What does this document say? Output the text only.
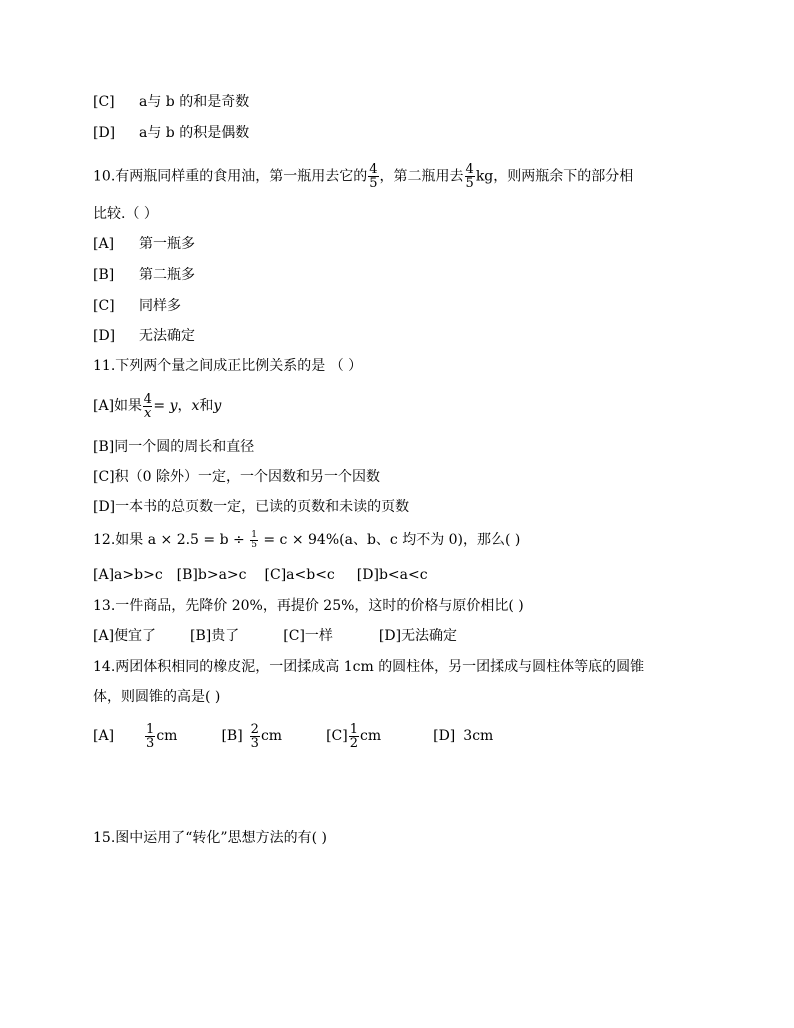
[C] a与 b 的和是奇数
[D] a与 b 的积是偶数
10.有两瓶同样重的食用油，第一瓶用去它的 $\frac{4}{5}$ ，第二瓶用去 $\frac{4}{5}$ kg，则两瓶余下的部分相
比较.（ ）
[A] 第一瓶多
[B] 第二瓶多
[C] 同样多
[D] 无法确定
11.下列两个量之间成正比例关系的是 （ ）
[A]如果 $\frac{4}{x} = y$，x和y
[B]同一个圆的周长和直径
[C]积（0 除外）一定，一个因数和另一个因数
[D]一本书的总页数一定，已读的页数和未读的页数
12.如果 $a \times 2.5 = b \div \frac{1}{5} = c \times 94\%(a$、b、c 均不为 0)，那么( )
[A]a>b>c [B]b>a>c [C]a<b<c [D]b<a<c
13.一件商品，先降价 20%，再提价 25%，这时的价格与原价相比( )
[A]便宜了 [B]贵了	[C]一样	[D]无法确定
14.两团体积相同的橡皮泥，一团揉成高 1cm 的圆柱体，另一团揉成与圆柱体等底的圆锥
体，则圆锥的高是( )
$[A] \frac{1}{3}$ cm	$[B] \frac{2}{3}$ cm	$[C] \frac{1}{2}$ cm	[D] 3cm
15.图中运用了“转化”思想方法的有( )
